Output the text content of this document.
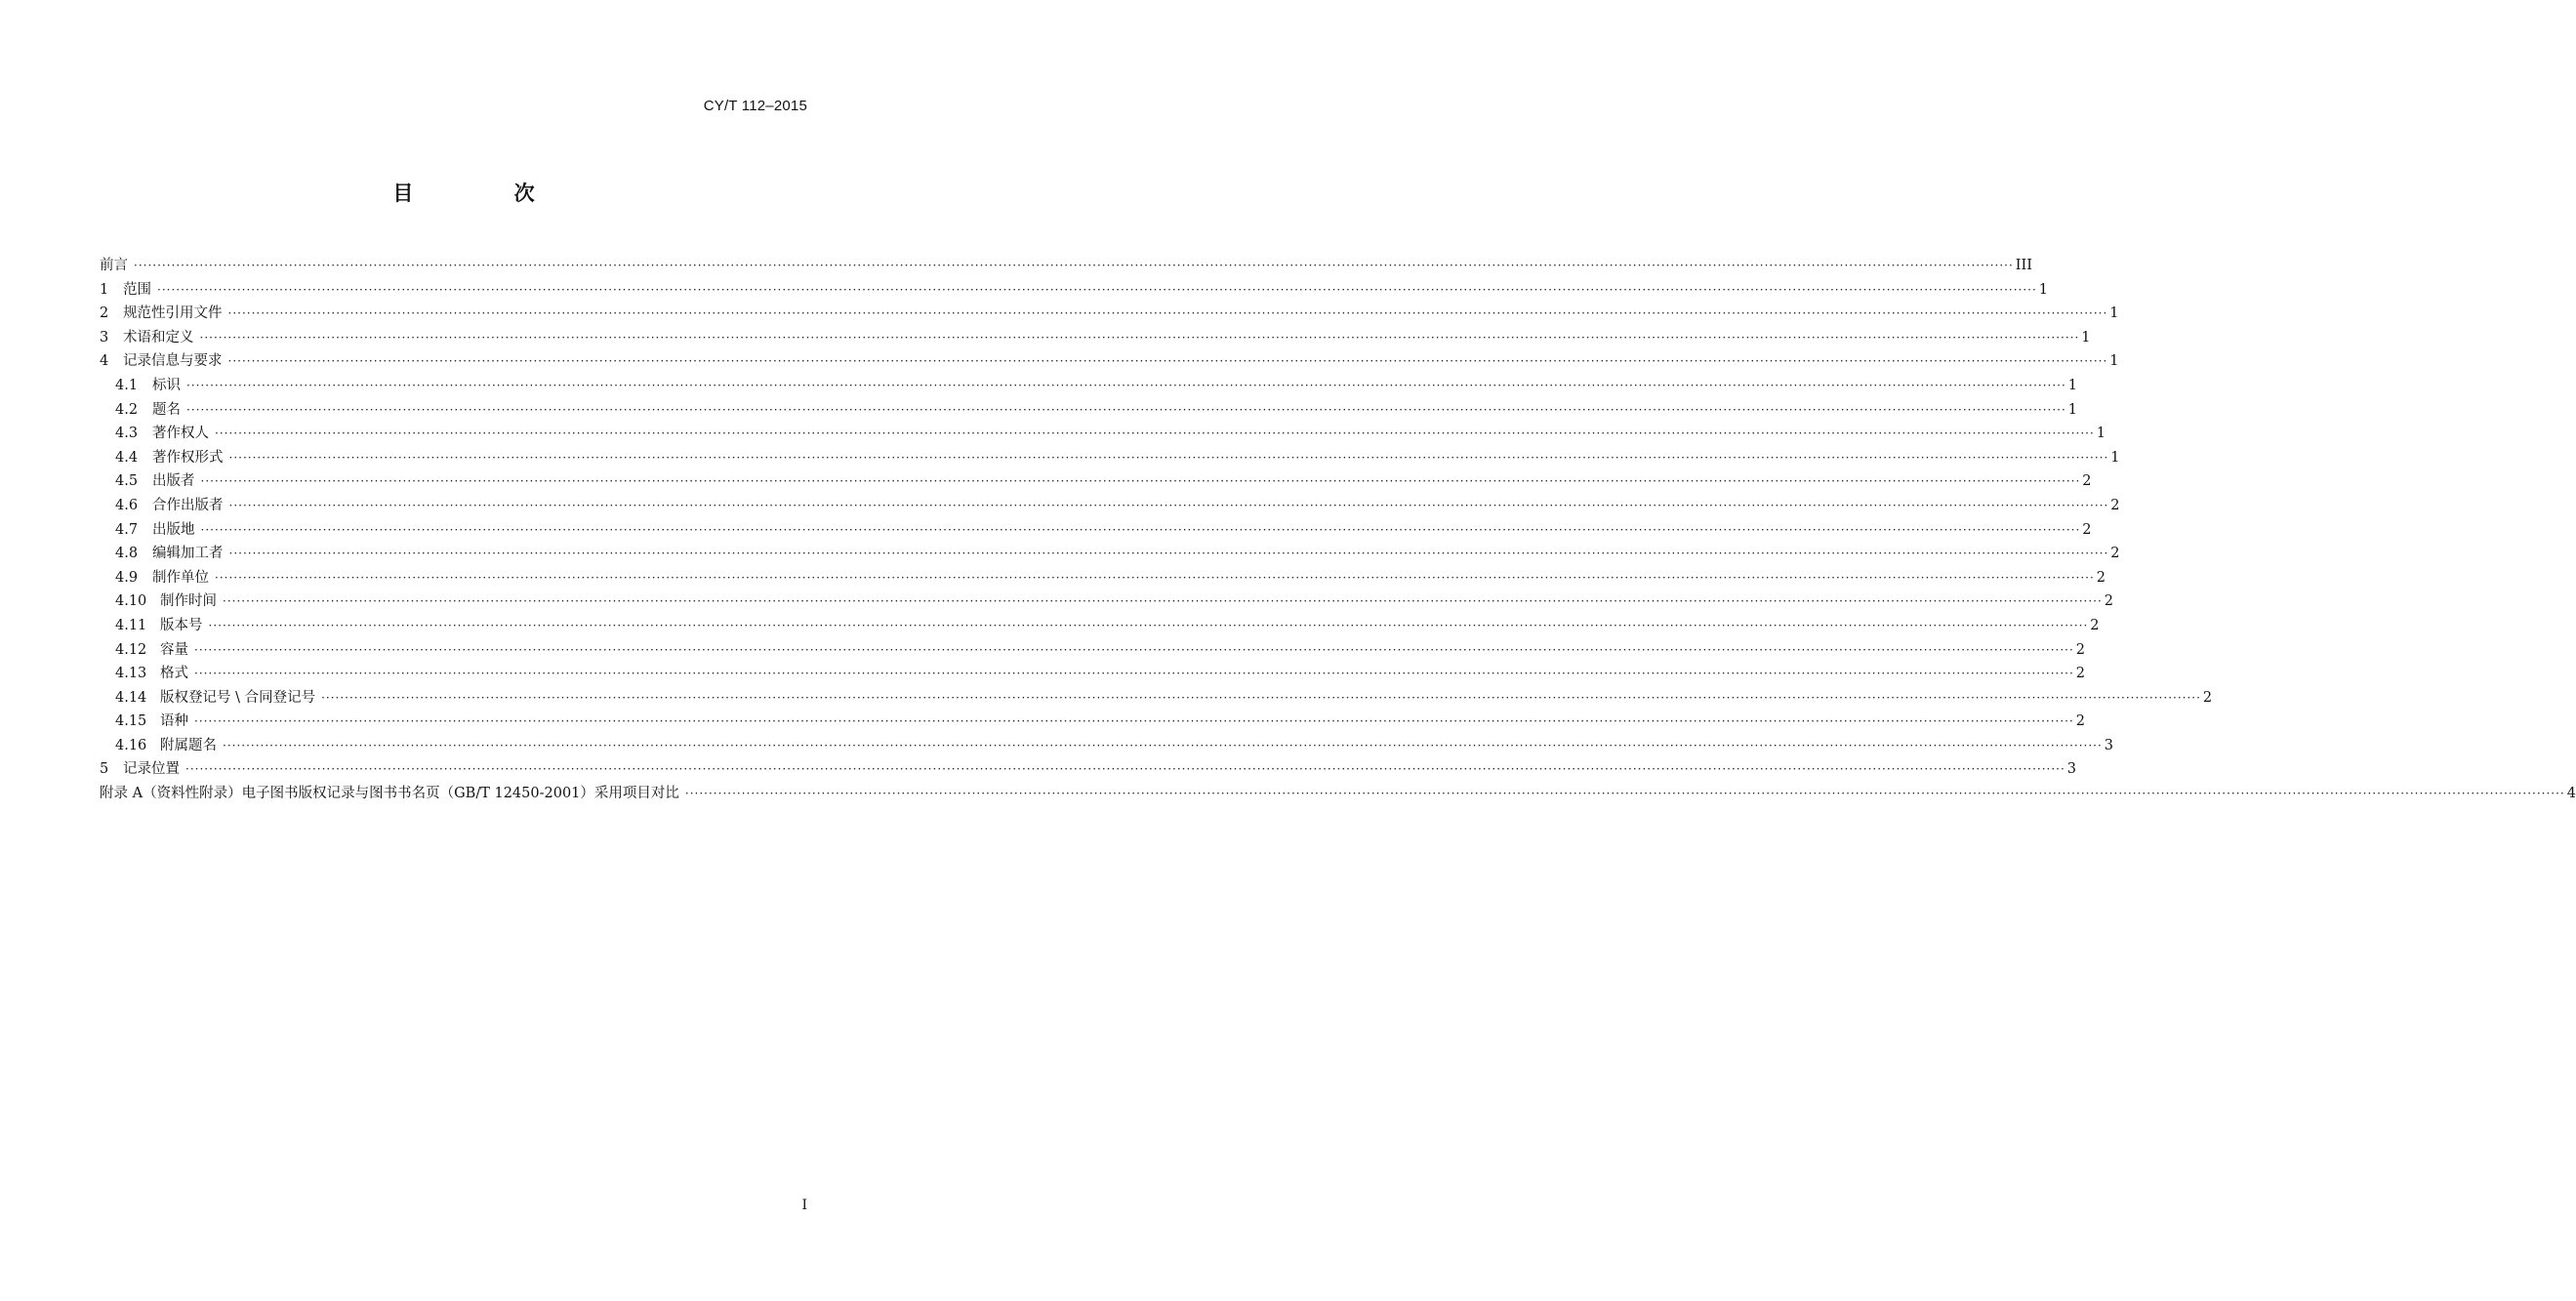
CY/T 112–2015
目 次
前言 ················································································································································································································································································································································································································ III
1	范围 ················································································································································································································································································································································································································ 1
2	规范性引用文件 ················································································································································································································································································································································································································ 1
3	术语和定义 ················································································································································································································································································································································································································ 1
4	记录信息与要求 ················································································································································································································································································································································································································ 1
4.1	标识 ················································································································································································································································································································································································································ 1
4.2	题名 ················································································································································································································································································································································································································ 1
4.3	著作权人 ················································································································································································································································································································································································································ 1
4.4	著作权形式 ················································································································································································································································································································································································································ 1
4.5	出版者 ················································································································································································································································································································································································································ 2
4.6	合作出版者 ················································································································································································································································································································································································································ 2
4.7	出版地 ················································································································································································································································································································································································································ 2
4.8	编辑加工者 ················································································································································································································································································································································································································ 2
4.9	制作单位 ················································································································································································································································································································································································································ 2
4.10 制作时间 ················································································································································································································································································································································································································ 2
4.11 版本号 ················································································································································································································································································································································································································ 2
4.12 容量 ················································································································································································································································································································································································································ 2
4.13 格式 ················································································································································································································································································································································································································ 2
4.14 版权登记号 \ 合同登记号 ················································································································································································································································································································································································································ 2
4.15 语种 ················································································································································································································································································································································································································ 2
4.16 附属题名 ················································································································································································································································································································································································································ 3
5	记录位置 ················································································································································································································································································································································································································ 3
附录 A（资料性附录）电子图书版权记录与图书书名页（GB/T 12450-2001）采用项目对比 ················································································································································································································································································································································································································ 4
I
